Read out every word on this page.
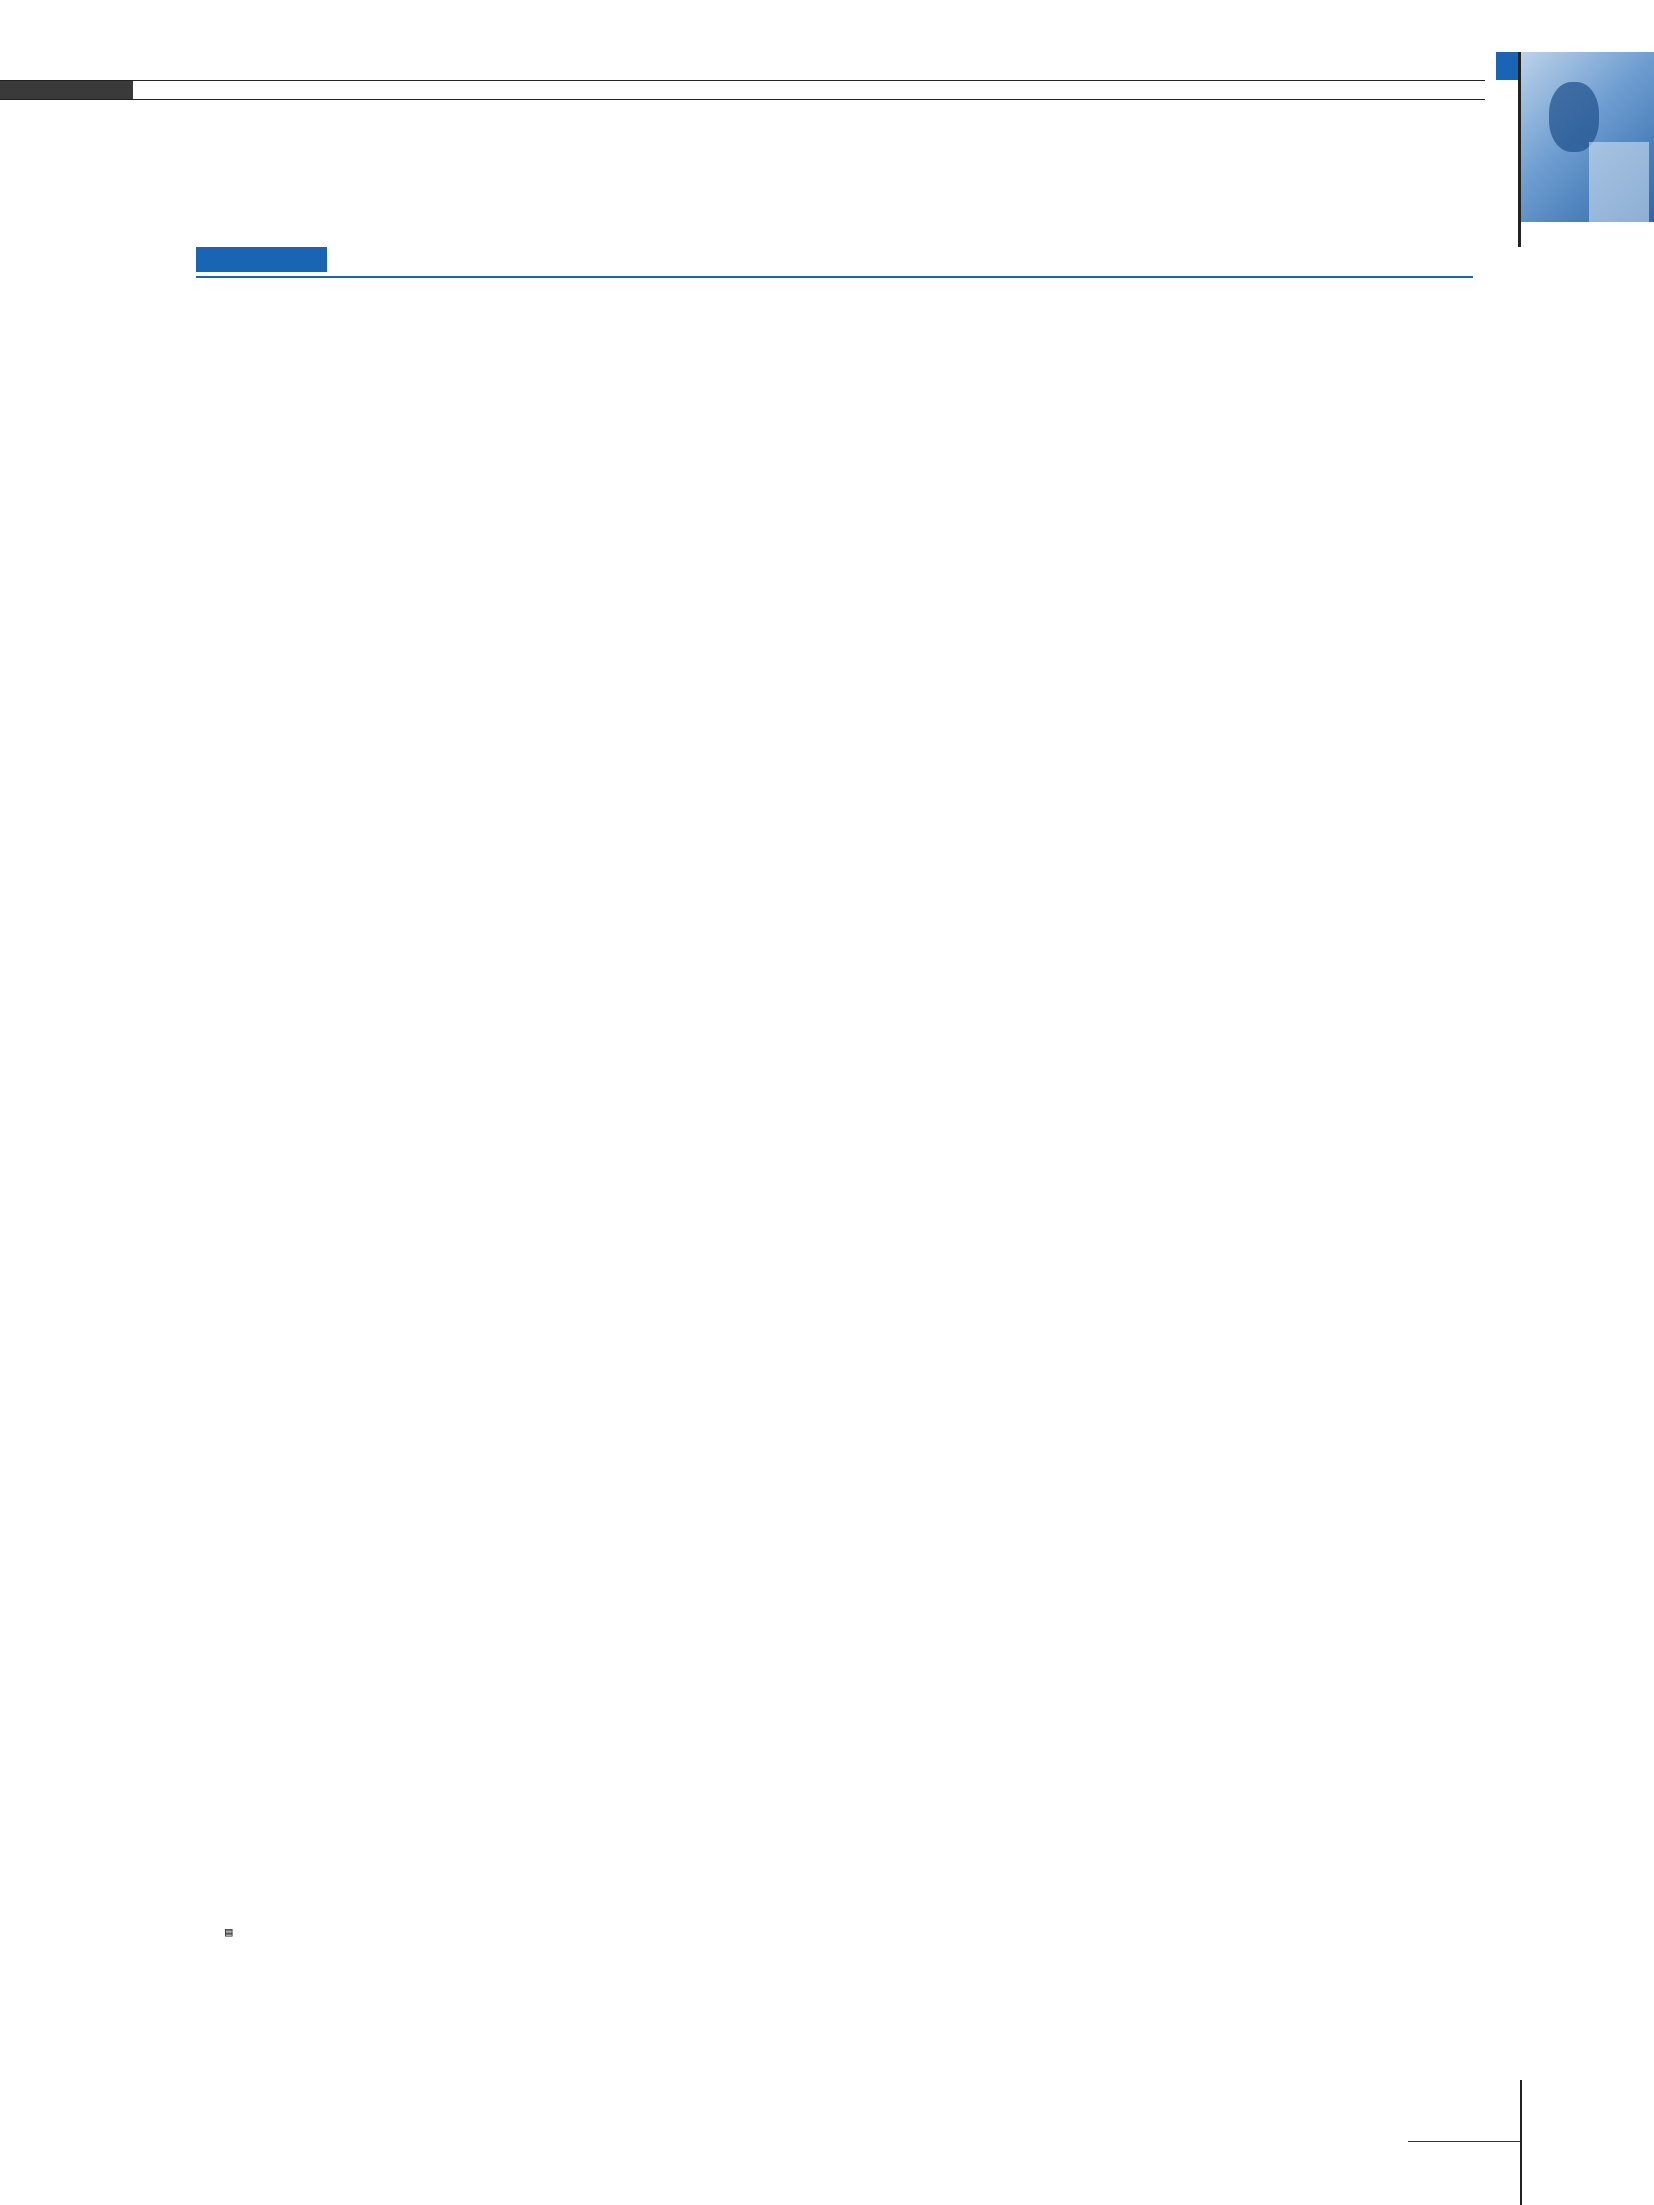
▤
